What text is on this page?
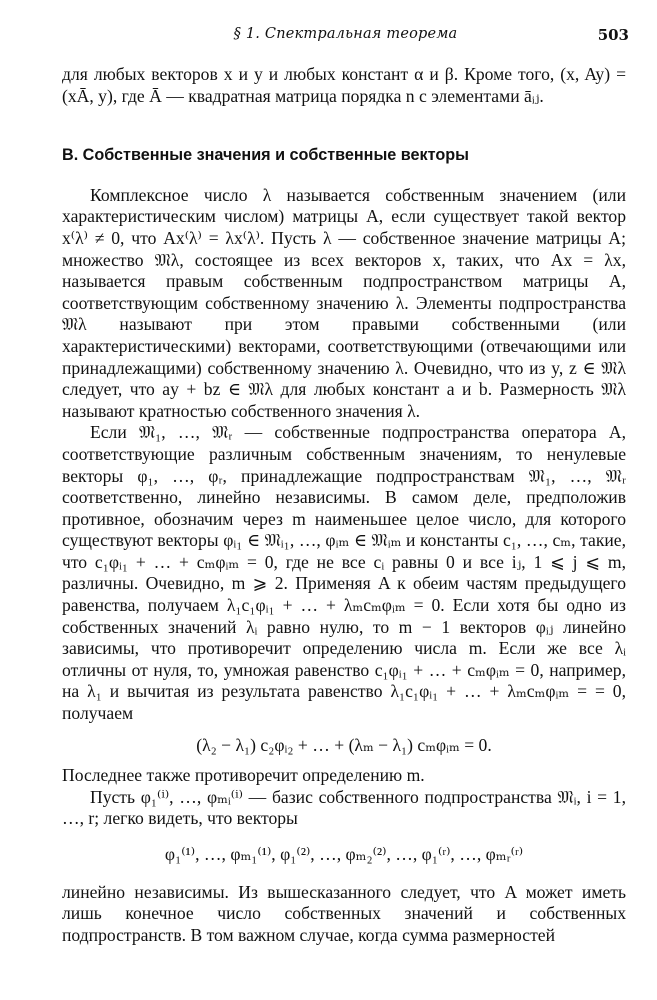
§ 1. Спектральная теорема	503

для любых векторов x и y и любых констант α и β. Кроме того, (x, Ay) = (xĀ, y), где Ā — квадратная матрица порядка n с элементами āᵢⱼ.

B. Собственные значения и собственные векторы

Комплексное число λ называется собственным значением (или характеристическим числом) матрицы A, если существует такой вектор x⁽λ⁾ ≠ 0, что Ax⁽λ⁾ = λx⁽λ⁾. Пусть λ — собственное значение матрицы A; множество 𝔐λ, состоящее из всех векторов x, таких, что Ax = λx, называется правым собственным подпространством матрицы A, соответствующим собственному значению λ. Элементы подпространства 𝔐λ называют при этом правыми собственными (или характеристическими) векторами, соответствующими (отвечающими или принадлежащими) собственному значению λ. Очевидно, что из y, z ∈ 𝔐λ следует, что ay + bz ∈ 𝔐λ для любых констант a и b. Размерность 𝔐λ называют кратностью собственного значения λ.

Если 𝔐₁, …, 𝔐ᵣ — собственные подпространства оператора A, соответствующие различным собственным значениям, то ненулевые векторы φ₁, …, φᵣ, принадлежащие подпространствам 𝔐₁, …, 𝔐ᵣ соответственно, линейно независимы. В самом деле, предположив противное, обозначим через m наименьшее целое число, для которого существуют векторы φᵢ₁ ∈ 𝔐ᵢ₁, …, φᵢₘ ∈ 𝔐ᵢₘ и константы c₁, …, cₘ, такие, что c₁φᵢ₁ + … + cₘφᵢₘ = 0, где не все cᵢ равны 0 и все iⱼ, 1 ⩽ j ⩽ m, различны. Очевидно, m ⩾ 2. Применяя A к обеим частям предыдущего равенства, получаем λ₁c₁φᵢ₁ + … + λₘcₘφᵢₘ = 0. Если хотя бы одно из собственных значений λᵢ равно нулю, то m − 1 векторов φᵢⱼ линейно зависимы, что противоречит определению числа m. Если же все λᵢ отличны от нуля, то, умножая равенство c₁φᵢ₁ + … + cₘφᵢₘ = 0, например, на λ₁ и вычитая из результата равенство λ₁c₁φᵢ₁ + … + λₘcₘφᵢₘ = = 0, получаем

(λ₂ − λ₁) c₂φᵢ₂ + … + (λₘ − λ₁) cₘφᵢₘ = 0.

Последнее также противоречит определению m.

Пусть φ₁⁽ⁱ⁾, …, φₘᵢ⁽ⁱ⁾ — базис собственного подпространства 𝔐ᵢ, i = 1, …, r; легко видеть, что векторы

φ₁⁽¹⁾, …, φₘ₁⁽¹⁾, φ₁⁽²⁾, …, φₘ₂⁽²⁾, …, φ₁⁽ʳ⁾, …, φₘᵣ⁽ʳ⁾

линейно независимы. Из вышесказанного следует, что A может иметь лишь конечное число собственных значений и собственных подпространств. В том важном случае, когда сумма размерностей
